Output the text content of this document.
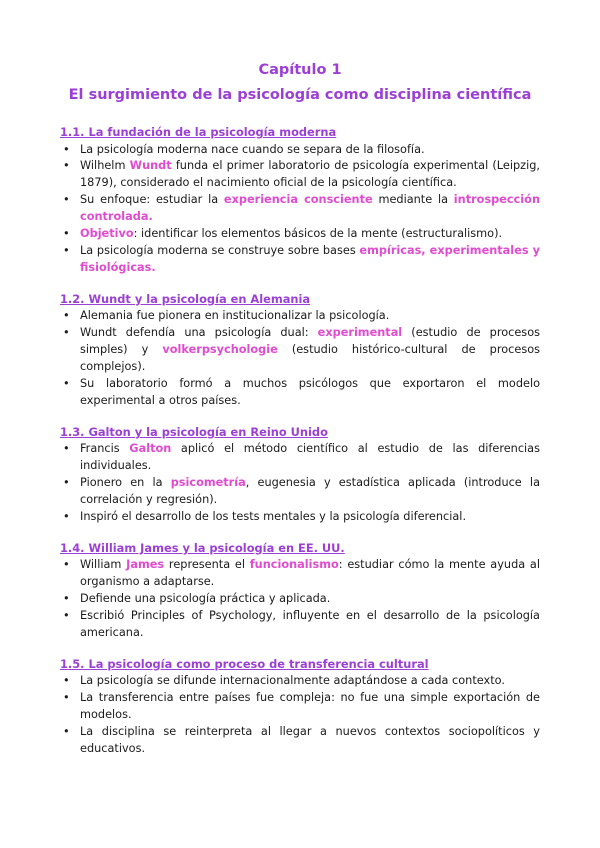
Capítulo 1
El surgimiento de la psicología como disciplina científica
1.1. La fundación de la psicología moderna
• La psicología moderna nace cuando se separa de la filosofía.
• Wilhelm Wundt funda el primer laboratorio de psicología experimental (Leipzig, 1879), considerado el nacimiento oficial de la psicología científica.
• Su enfoque: estudiar la experiencia consciente mediante la introspección controlada.
• Objetivo: identificar los elementos básicos de la mente (estructuralismo).
• La psicología moderna se construye sobre bases empíricas, experimentales y fisiológicas.
1.2. Wundt y la psicología en Alemania
• Alemania fue pionera en institucionalizar la psicología.
• Wundt defendía una psicología dual: experimental (estudio de procesos simples) y volkerpsychologie (estudio histórico-cultural de procesos complejos).
• Su laboratorio formó a muchos psicólogos que exportaron el modelo experimental a otros países.
1.3. Galton y la psicología en Reino Unido
• Francis Galton aplicó el método científico al estudio de las diferencias individuales.
• Pionero en la psicometría, eugenesia y estadística aplicada (introduce la correlación y regresión).
• Inspiró el desarrollo de los tests mentales y la psicología diferencial.
1.4. William James y la psicología en EE. UU.
• William James representa el funcionalismo: estudiar cómo la mente ayuda al organismo a adaptarse.
• Defiende una psicología práctica y aplicada.
• Escribió Principles of Psychology, influyente en el desarrollo de la psicología americana.
1.5. La psicología como proceso de transferencia cultural
• La psicología se difunde internacionalmente adaptándose a cada contexto.
• La transferencia entre países fue compleja: no fue una simple exportación de modelos.
• La disciplina se reinterpreta al llegar a nuevos contextos sociopolíticos y educativos.
